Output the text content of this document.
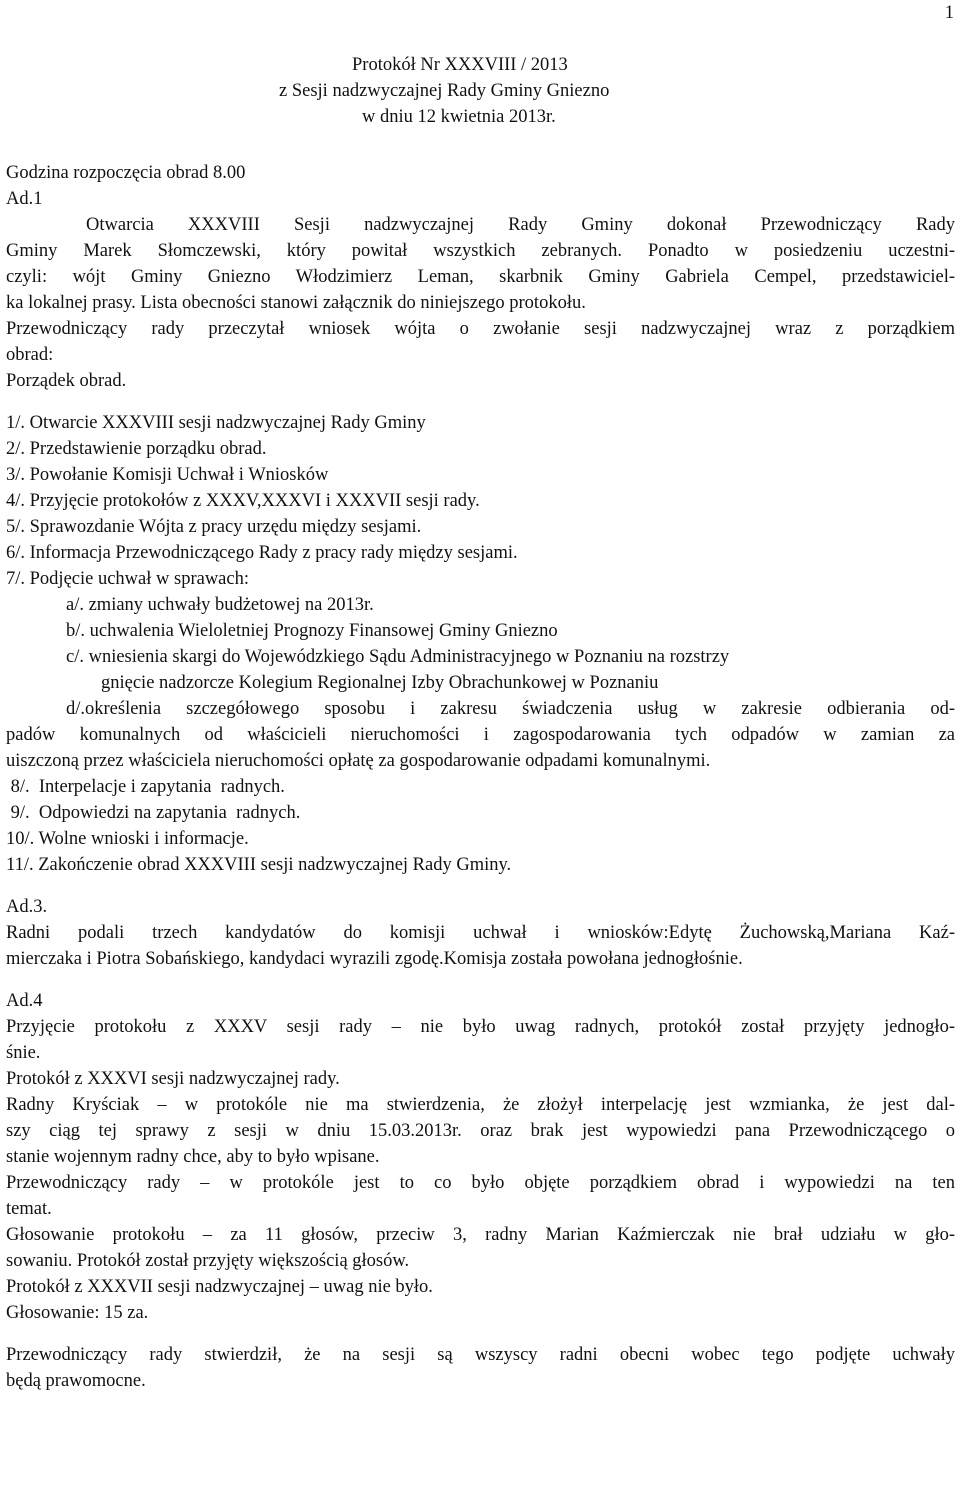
1
Protokół Nr XXXVIII / 2013
z Sesji nadzwyczajnej Rady Gminy Gniezno
w dniu 12 kwietnia 2013r.

Godzina rozpoczęcia obrad 8.00

Ad.1

Otwarcia XXXVIII Sesji nadzwyczajnej Rady Gminy dokonał Przewodniczący Rady

Gminy Marek Słomczewski, który powitał wszystkich zebranych. Ponadto w posiedzeniu uczestni-

czyli: wójt Gminy Gniezno Włodzimierz Leman, skarbnik Gminy Gabriela Cempel, przedstawiciel-

ka lokalnej prasy. Lista obecności stanowi załącznik do niniejszego protokołu.

Przewodniczący rady przeczytał wniosek wójta o zwołanie sesji nadzwyczajnej wraz z porządkiem

obrad:

Porządek obrad.

1/. Otwarcie XXXVIII sesji nadzwyczajnej Rady Gminy

2/. Przedstawienie porządku obrad.

3/. Powołanie Komisji Uchwał i Wniosków

4/. Przyjęcie protokołów z XXXV,XXXVI i XXXVII sesji rady.

5/. Sprawozdanie Wójta z pracy urzędu między sesjami.

6/. Informacja Przewodniczącego Rady z pracy rady między sesjami.

7/. Podjęcie uchwał w sprawach:

a/. zmiany uchwały budżetowej na 2013r.

b/. uchwalenia Wieloletniej Prognozy Finansowej Gminy Gniezno

c/. wniesienia skargi do Wojewódzkiego Sądu Administracyjnego w Poznaniu na rozstrzy

gnięcie nadzorcze Kolegium Regionalnej Izby Obrachunkowej w Poznaniu

d/.określenia szczegółowego sposobu i zakresu świadczenia usług w zakresie odbierania od-

padów komunalnych od właścicieli nieruchomości i zagospodarowania tych odpadów w zamian za

uiszczoną przez właściciela nieruchomości opłatę za gospodarowanie odpadami komunalnymi.

8/.  Interpelacje i zapytania  radnych.

9/.  Odpowiedzi na zapytania  radnych.

10/. Wolne wnioski i informacje.

11/. Zakończenie obrad XXXVIII sesji nadzwyczajnej Rady Gminy.

Ad.3.

Radni podali trzech kandydatów do komisji uchwał i wniosków:Edytę Żuchowską,Mariana Kaź-

mierczaka i Piotra Sobańskiego, kandydaci wyrazili zgodę.Komisja została powołana jednogłośnie.

Ad.4

Przyjęcie protokołu z XXXV sesji rady – nie było uwag radnych, protokół został przyjęty jednogło-

śnie.

Protokół z XXXVI sesji nadzwyczajnej rady.

Radny Kryściak – w protokóle nie ma stwierdzenia, że złożył interpelację jest wzmianka, że jest dal-

szy ciąg tej sprawy z sesji w dniu 15.03.2013r. oraz brak jest wypowiedzi pana Przewodniczącego o

stanie wojennym radny chce, aby to było wpisane.

Przewodniczący rady – w protokóle jest to co było objęte porządkiem obrad i wypowiedzi na ten

temat.

Głosowanie protokołu – za 11 głosów, przeciw 3, radny Marian Kaźmierczak nie brał udziału w gło-

sowaniu. Protokół został przyjęty większością głosów.

Protokół z XXXVII sesji nadzwyczajnej – uwag nie było.

Głosowanie: 15 za.

Przewodniczący rady stwierdził, że na sesji są wszyscy radni obecni wobec tego podjęte uchwały

będą prawomocne.
